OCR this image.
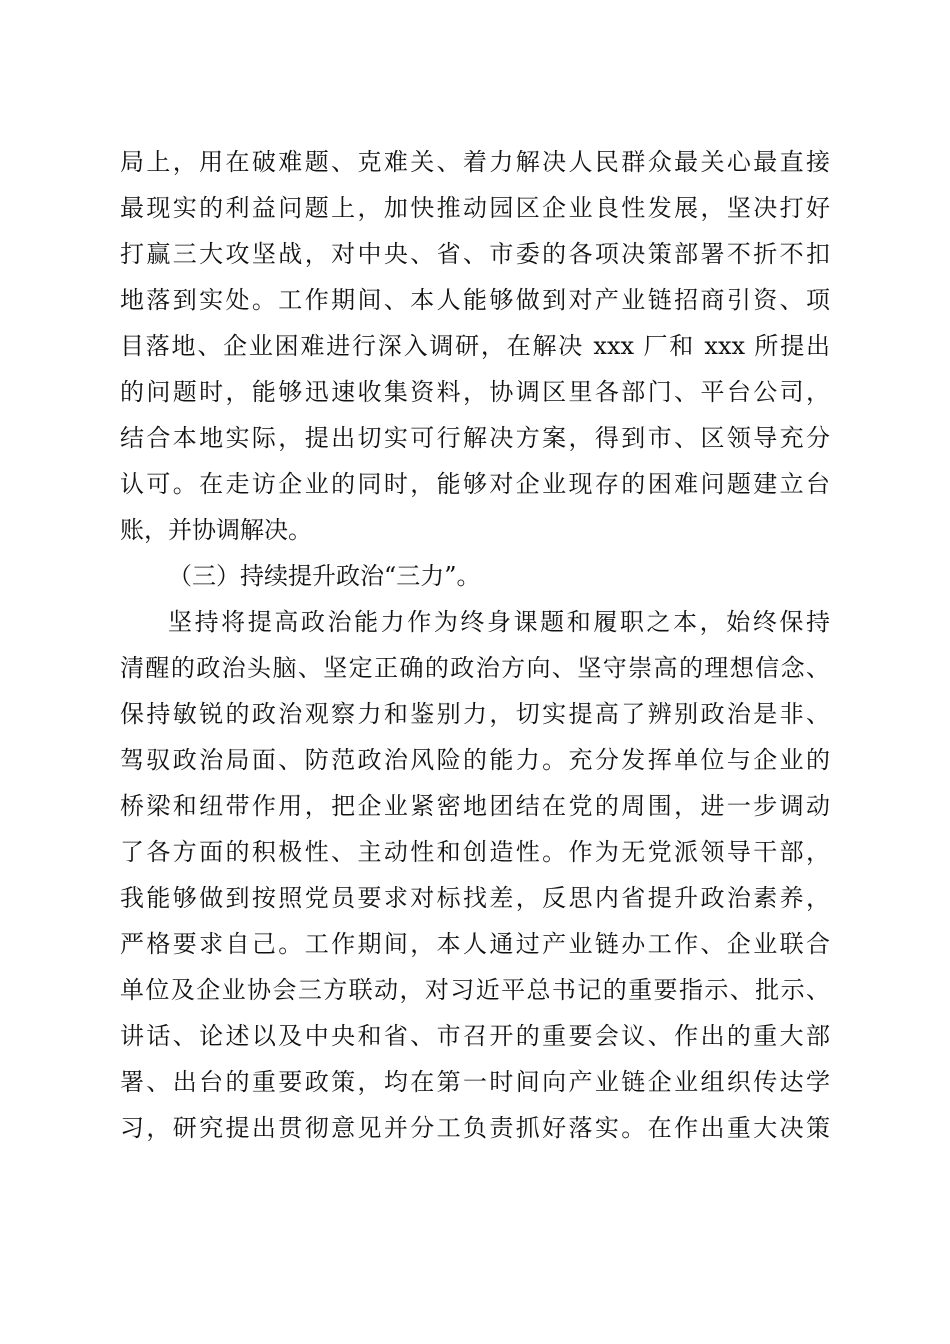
局上，用在破难题、克难关、着力解决人民群众最关心最直接
最现实的利益问题上，加快推动园区企业良性发展，坚决打好
打赢三大攻坚战，对中央、省、市委的各项决策部署不折不扣
地落到实处。工作期间、本人能够做到对产业链招商引资、项
目落地、企业困难进行深入调研，在解决 xxx 厂和 xxx 所提出
的问题时，能够迅速收集资料，协调区里各部门、平台公司，
结合本地实际，提出切实可行解决方案，得到市、区领导充分
认可。在走访企业的同时，能够对企业现存的困难问题建立台
账，并协调解决。
（三）持续提升政治“三力”。
坚持将提高政治能力作为终身课题和履职之本，始终保持
清醒的政治头脑、坚定正确的政治方向、坚守崇高的理想信念、
保持敏锐的政治观察力和鉴别力，切实提高了辨别政治是非、
驾驭政治局面、防范政治风险的能力。充分发挥单位与企业的
桥梁和纽带作用，把企业紧密地团结在党的周围，进一步调动
了各方面的积极性、主动性和创造性。作为无党派领导干部，
我能够做到按照党员要求对标找差，反思内省提升政治素养，
严格要求自己。工作期间，本人通过产业链办工作、企业联合
单位及企业协会三方联动，对习近平总书记的重要指示、批示、
讲话、论述以及中央和省、市召开的重要会议、作出的重大部
署、出台的重要政策，均在第一时间向产业链企业组织传达学
习，研究提出贯彻意见并分工负责抓好落实。在作出重大决策
